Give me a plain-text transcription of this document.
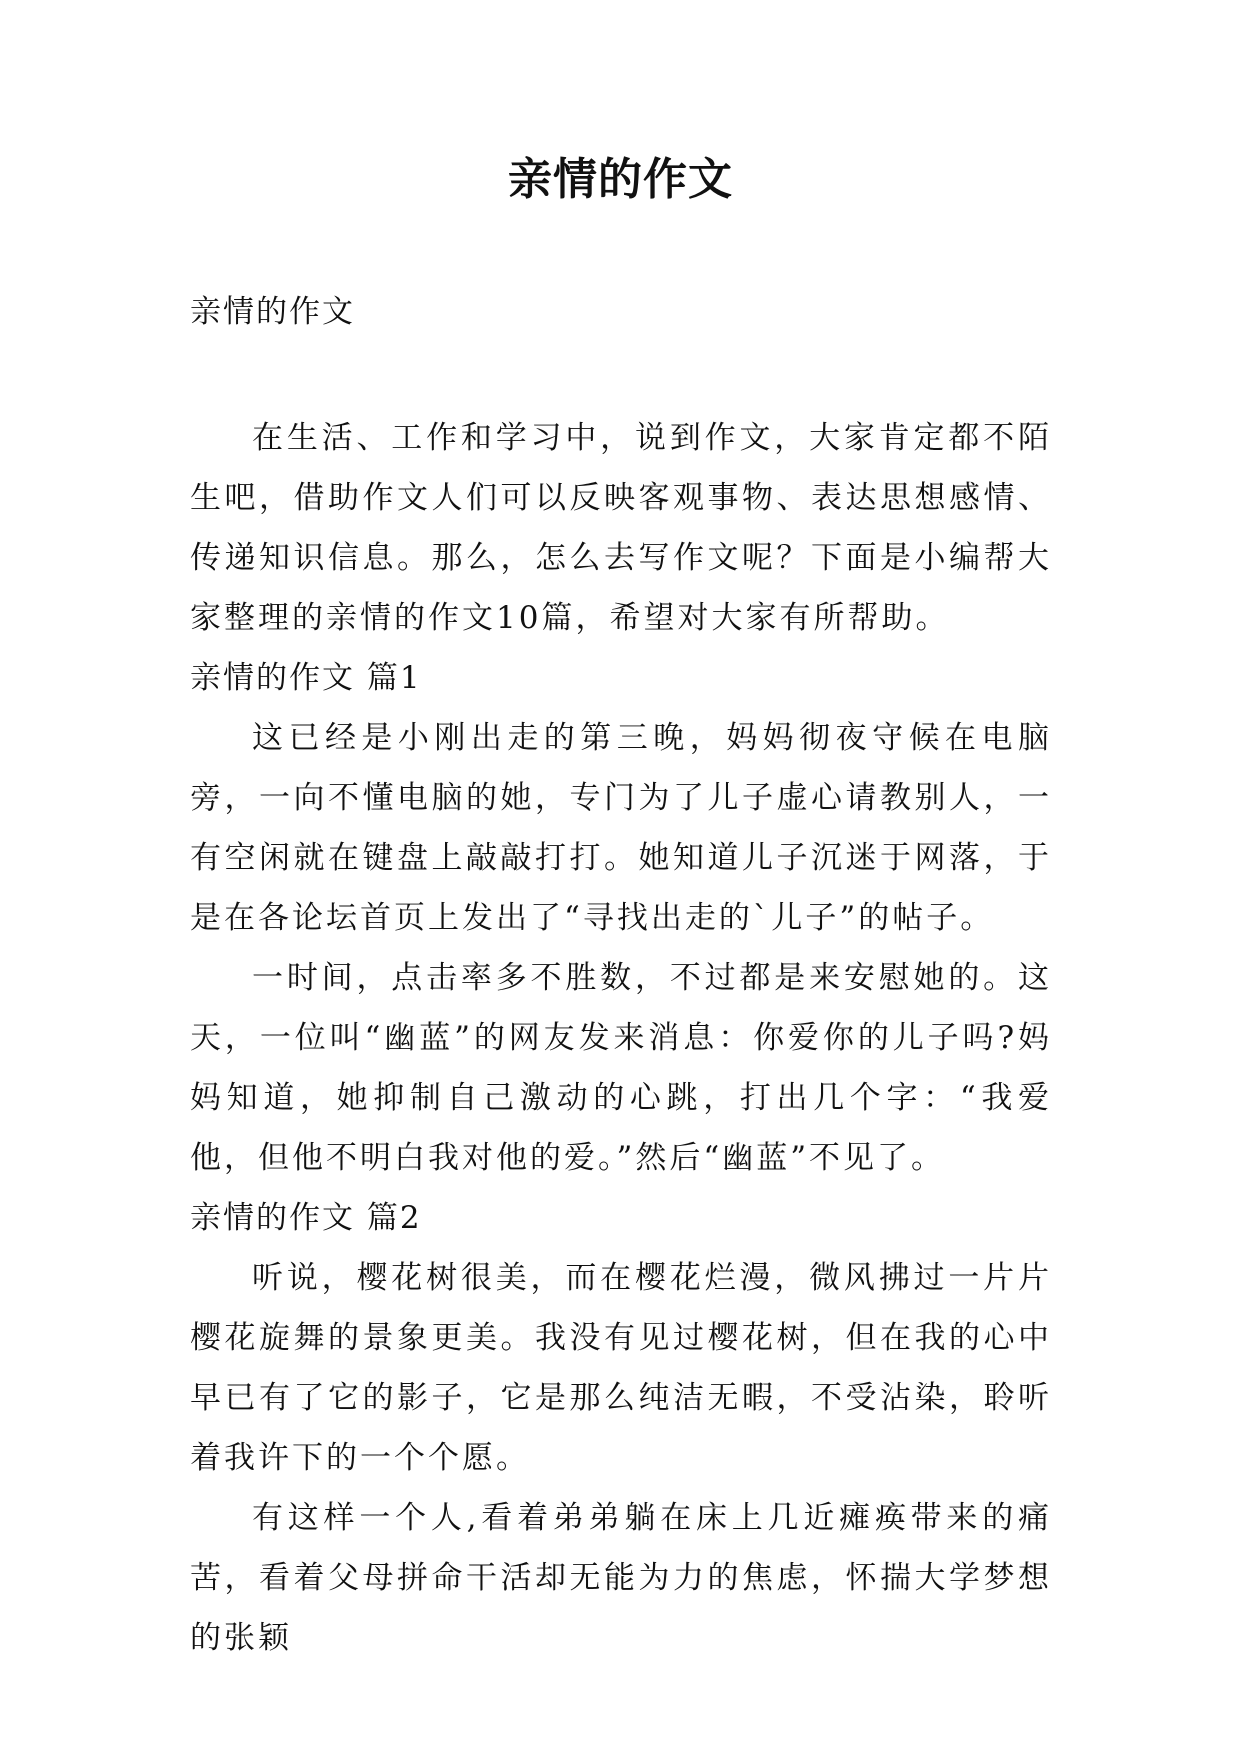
亲情的作文

亲情的作文

在生活、工作和学习中，说到作文，大家肯定都不陌生吧，借助作文人们可以反映客观事物、表达思想感情、传递知识信息。那么，怎么去写作文呢？下面是小编帮大家整理的亲情的作文10篇，希望对大家有所帮助。

亲情的作文 篇1

这已经是小刚出走的第三晚，妈妈彻夜守候在电脑旁，一向不懂电脑的她，专门为了儿子虚心请教别人，一有空闲就在键盘上敲敲打打。她知道儿子沉迷于网落，于是在各论坛首页上发出了“寻找出走的`儿子”的帖子。

一时间，点击率多不胜数，不过都是来安慰她的。这天，一位叫“幽蓝”的网友发来消息：你爱你的儿子吗?妈妈知道，她抑制自己激动的心跳，打出几个字：“我爱他，但他不明白我对他的爱。”然后“幽蓝”不见了。

亲情的作文 篇2

听说，樱花树很美，而在樱花烂漫，微风拂过一片片樱花旋舞的景象更美。我没有见过樱花树，但在我的心中早已有了它的影子，它是那么纯洁无暇，不受沾染，聆听着我许下的一个个愿。

有这样一个人,看着弟弟躺在床上几近瘫痪带来的痛苦，看着父母拼命干活却无能为力的焦虑，怀揣大学梦想的张颖
